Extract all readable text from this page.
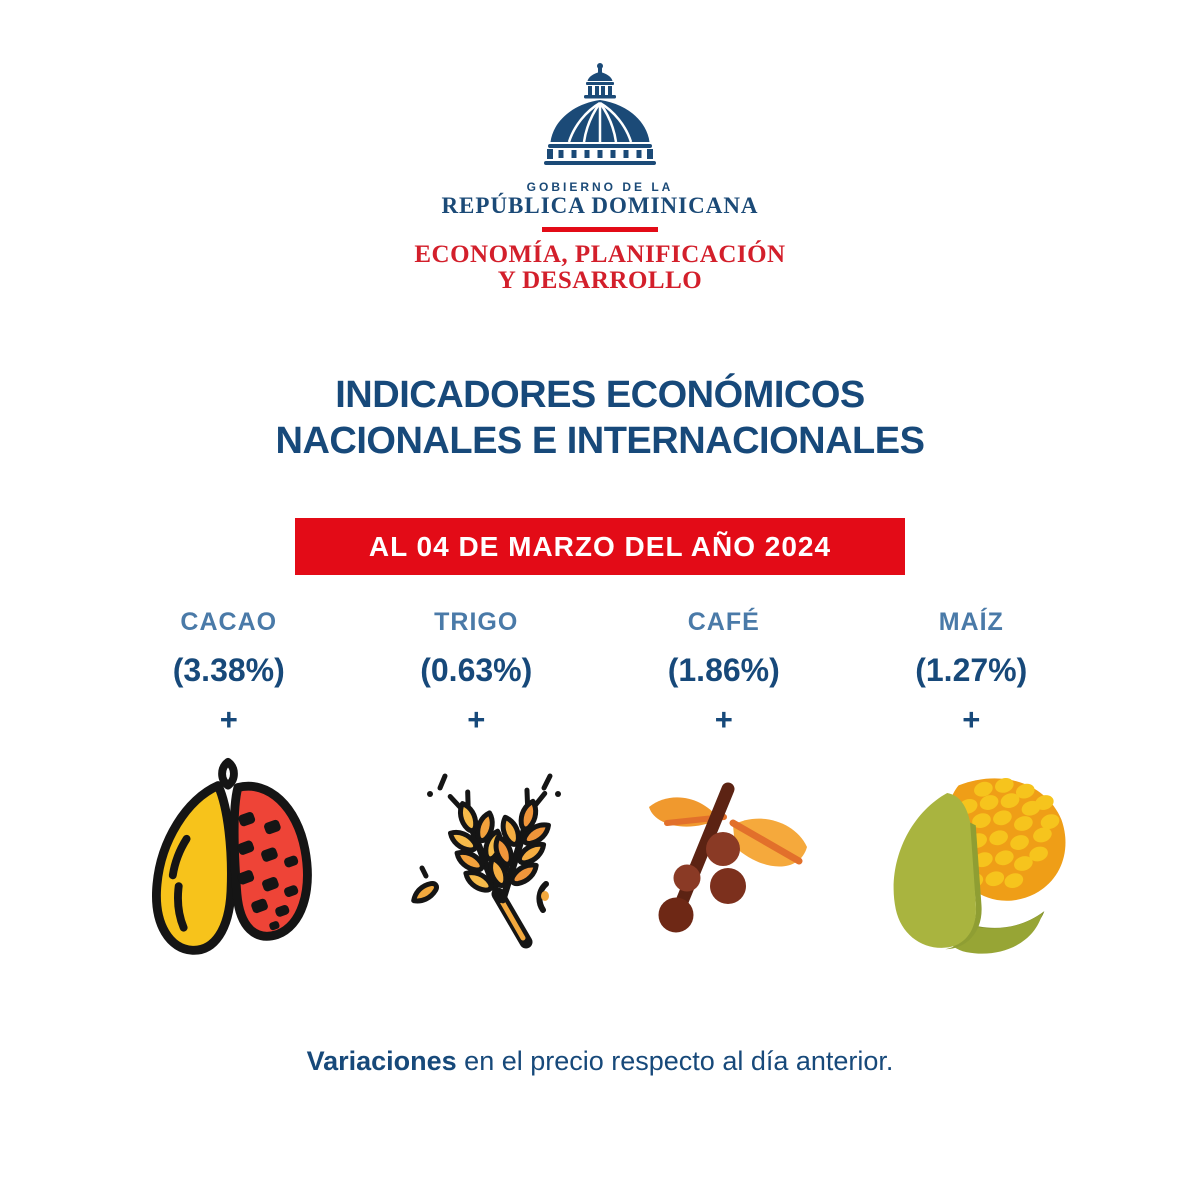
GOBIERNO DE LA
REPÚBLICA DOMINICANA
ECONOMÍA, PLANIFICACIÓN
Y DESARROLLO
INDICADORES ECONÓMICOS
NACIONALES E INTERNACIONALES
AL 04 DE MARZO DEL AÑO 2024
CACAO
(3.38%)
+
TRIGO
(0.63%)
+
CAFÉ
(1.86%)
+
MAÍZ
(1.27%)
+
Variaciones en el precio respecto al día anterior.
